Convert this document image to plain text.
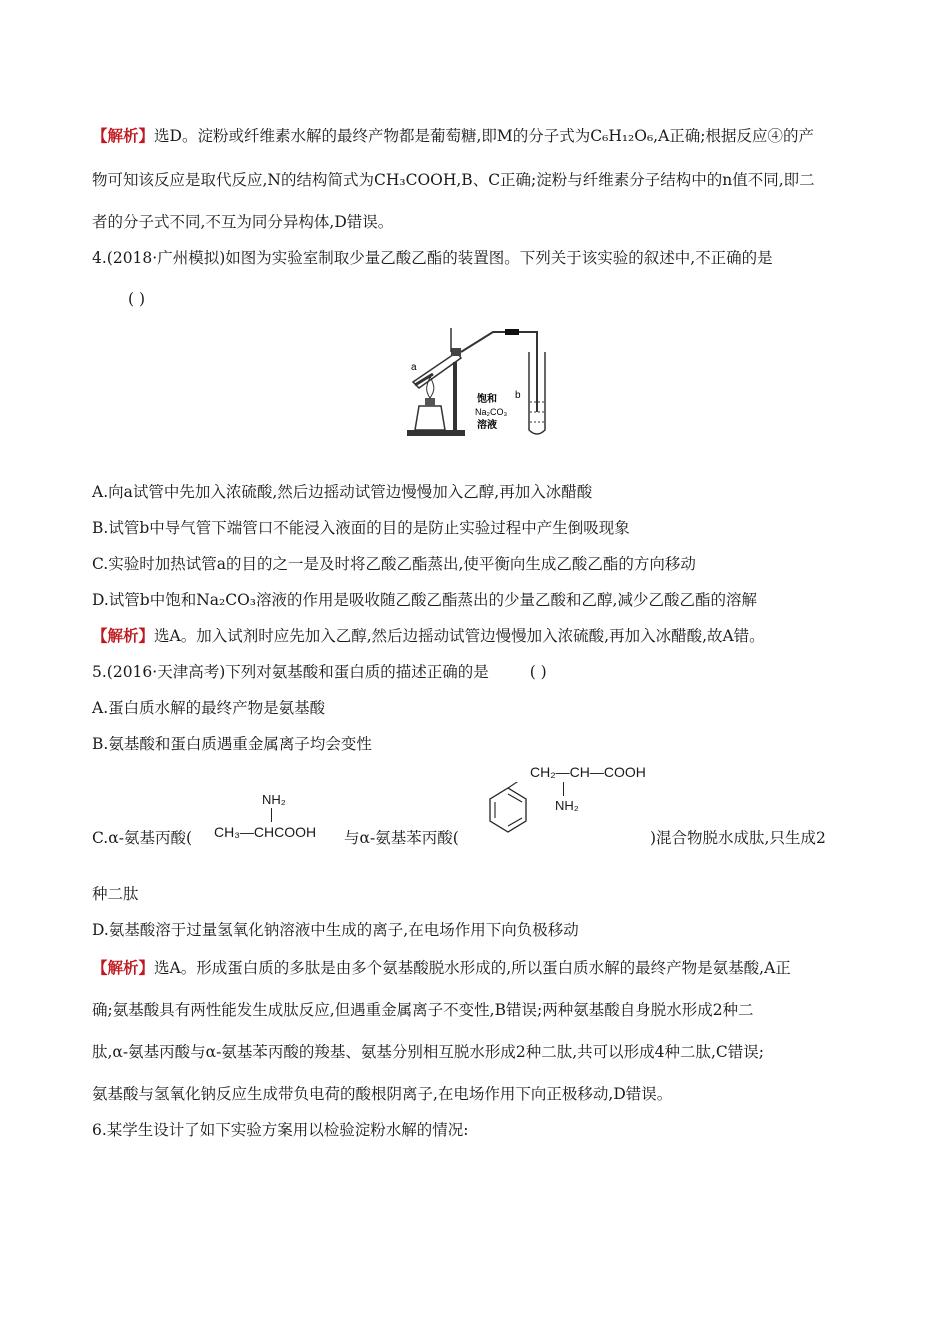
【解析】选D。淀粉或纤维素水解的最终产物都是葡萄糖,即M的分子式为C₆H₁₂O₆,A正确;根据反应④的产
物可知该反应是取代反应,N的结构简式为CH₃COOH,B、C正确;淀粉与纤维素分子结构中的n值不同,即二
者的分子式不同,不互为同分异构体,D错误。
4.(2018·广州模拟)如图为实验室制取少量乙酸乙酯的装置图。下列关于该实验的叙述中,不正确的是
( )
a
b
饱和
Na₂CO₃
溶液
A.向a试管中先加入浓硫酸,然后边摇动试管边慢慢加入乙醇,再加入冰醋酸
B.试管b中导气管下端管口不能浸入液面的目的是防止实验过程中产生倒吸现象
C.实验时加热试管a的目的之一是及时将乙酸乙酯蒸出,使平衡向生成乙酸乙酯的方向移动
D.试管b中饱和Na₂CO₃溶液的作用是吸收随乙酸乙酯蒸出的少量乙酸和乙醇,减少乙酸乙酯的溶解
【解析】选A。加入试剂时应先加入乙醇,然后边摇动试管边慢慢加入浓硫酸,再加入冰醋酸,故A错。
5.(2016·天津高考)下列对氨基酸和蛋白质的描述正确的是	( )
A.蛋白质水解的最终产物是氨基酸
B.氨基酸和蛋白质遇重金属离子均会变性
C.α-氨基丙酸(
NH₂
CH₃—CHCOOH 与α-氨基苯丙酸(
CH₂—CH—COOH
NH₂
)混合物脱水成肽,只生成2
种二肽
D.氨基酸溶于过量氢氧化钠溶液中生成的离子,在电场作用下向负极移动
【解析】选A。形成蛋白质的多肽是由多个氨基酸脱水形成的,所以蛋白质水解的最终产物是氨基酸,A正
确;氨基酸具有两性能发生成肽反应,但遇重金属离子不变性,B错误;两种氨基酸自身脱水形成2种二
肽,α-氨基丙酸与α-氨基苯丙酸的羧基、氨基分别相互脱水形成2种二肽,共可以形成4种二肽,C错误;
氨基酸与氢氧化钠反应生成带负电荷的酸根阴离子,在电场作用下向正极移动,D错误。
6.某学生设计了如下实验方案用以检验淀粉水解的情况:
